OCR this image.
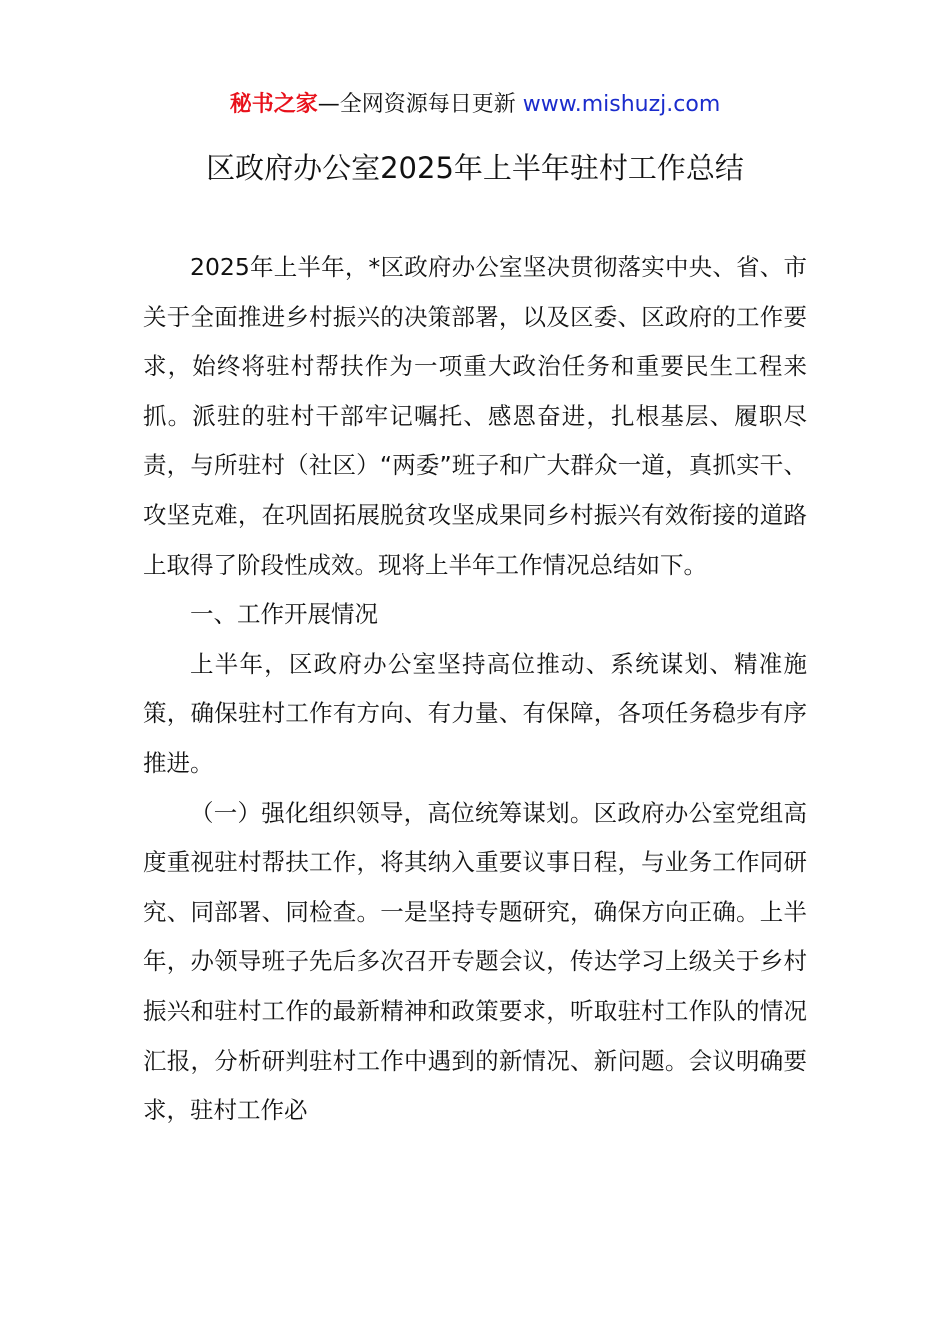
秘书之家—全网资源每日更新 www.mishuzj.com
区政府办公室2025年上半年驻村工作总结

2025年上半年，*区政府办公室坚决贯彻落实中央、省、市关于全面推进乡村振兴的决策部署，以及区委、区政府的工作要求，始终将驻村帮扶作为一项重大政治任务和重要民生工程来抓。派驻的驻村干部牢记嘱托、感恩奋进，扎根基层、履职尽责，与所驻村（社区）“两委”班子和广大群众一道，真抓实干、攻坚克难，在巩固拓展脱贫攻坚成果同乡村振兴有效衔接的道路上取得了阶段性成效。现将上半年工作情况总结如下。

一、工作开展情况

上半年，区政府办公室坚持高位推动、系统谋划、精准施策，确保驻村工作有方向、有力量、有保障，各项任务稳步有序推进。

（一）强化组织领导，高位统筹谋划。区政府办公室党组高度重视驻村帮扶工作，将其纳入重要议事日程，与业务工作同研究、同部署、同检查。一是坚持专题研究，确保方向正确。上半年，办领导班子先后多次召开专题会议，传达学习上级关于乡村振兴和驻村工作的最新精神和政策要求，听取驻村工作队的情况汇报，分析研判驻村工作中遇到的新情况、新问题。会议明确要求，驻村工作必
